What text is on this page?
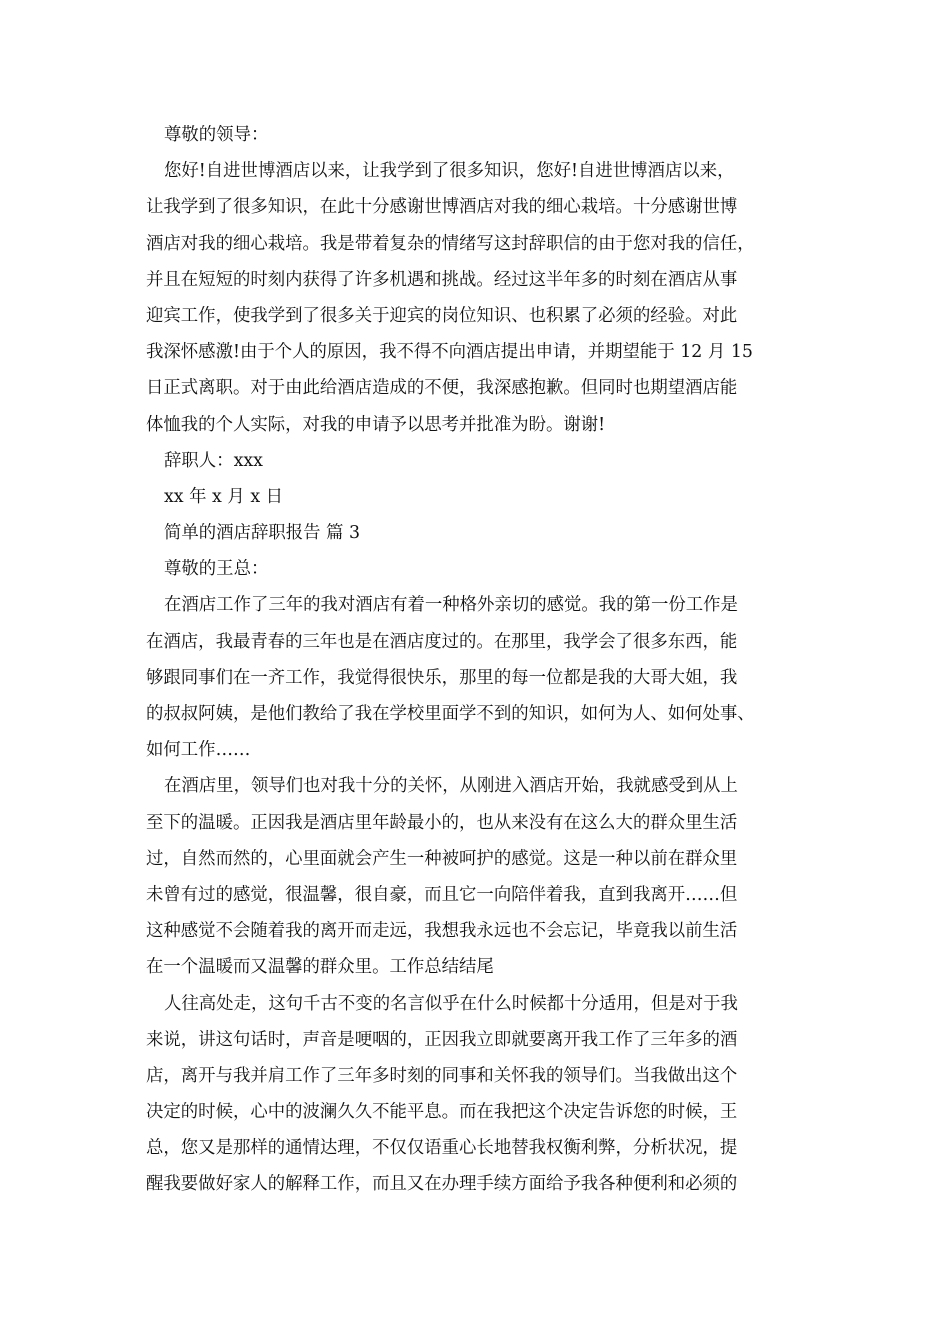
尊敬的领导：
您好!自进世博酒店以来，让我学到了很多知识，您好!自进世博酒店以来，
让我学到了很多知识，在此十分感谢世博酒店对我的细心栽培。十分感谢世博
酒店对我的细心栽培。我是带着复杂的情绪写这封辞职信的由于您对我的信任，
并且在短短的时刻内获得了许多机遇和挑战。经过这半年多的时刻在酒店从事
迎宾工作，使我学到了很多关于迎宾的岗位知识、也积累了必须的经验。对此
我深怀感激!由于个人的原因，我不得不向酒店提出申请，并期望能于 12 月 15
日正式离职。对于由此给酒店造成的不便，我深感抱歉。但同时也期望酒店能
体恤我的个人实际，对我的申请予以思考并批准为盼。谢谢!
辞职人：xxx
xx 年 x 月 x 日
简单的酒店辞职报告 篇 3
尊敬的王总：
在酒店工作了三年的我对酒店有着一种格外亲切的感觉。我的第一份工作是
在酒店，我最青春的三年也是在酒店度过的。在那里，我学会了很多东西，能
够跟同事们在一齐工作，我觉得很快乐，那里的每一位都是我的大哥大姐，我
的叔叔阿姨，是他们教给了我在学校里面学不到的知识，如何为人、如何处事、
如何工作……
在酒店里，领导们也对我十分的关怀，从刚进入酒店开始，我就感受到从上
至下的温暖。正因我是酒店里年龄最小的，也从来没有在这么大的群众里生活
过，自然而然的，心里面就会产生一种被呵护的感觉。这是一种以前在群众里
未曾有过的感觉，很温馨，很自豪，而且它一向陪伴着我，直到我离开……但
这种感觉不会随着我的离开而走远，我想我永远也不会忘记，毕竟我以前生活
在一个温暖而又温馨的群众里。工作总结结尾
人往高处走，这句千古不变的名言似乎在什么时候都十分适用，但是对于我
来说，讲这句话时，声音是哽咽的，正因我立即就要离开我工作了三年多的酒
店，离开与我并肩工作了三年多时刻的同事和关怀我的领导们。当我做出这个
决定的时候，心中的波澜久久不能平息。而在我把这个决定告诉您的时候，王
总，您又是那样的通情达理，不仅仅语重心长地替我权衡利弊，分析状况，提
醒我要做好家人的解释工作，而且又在办理手续方面给予我各种便利和必须的
